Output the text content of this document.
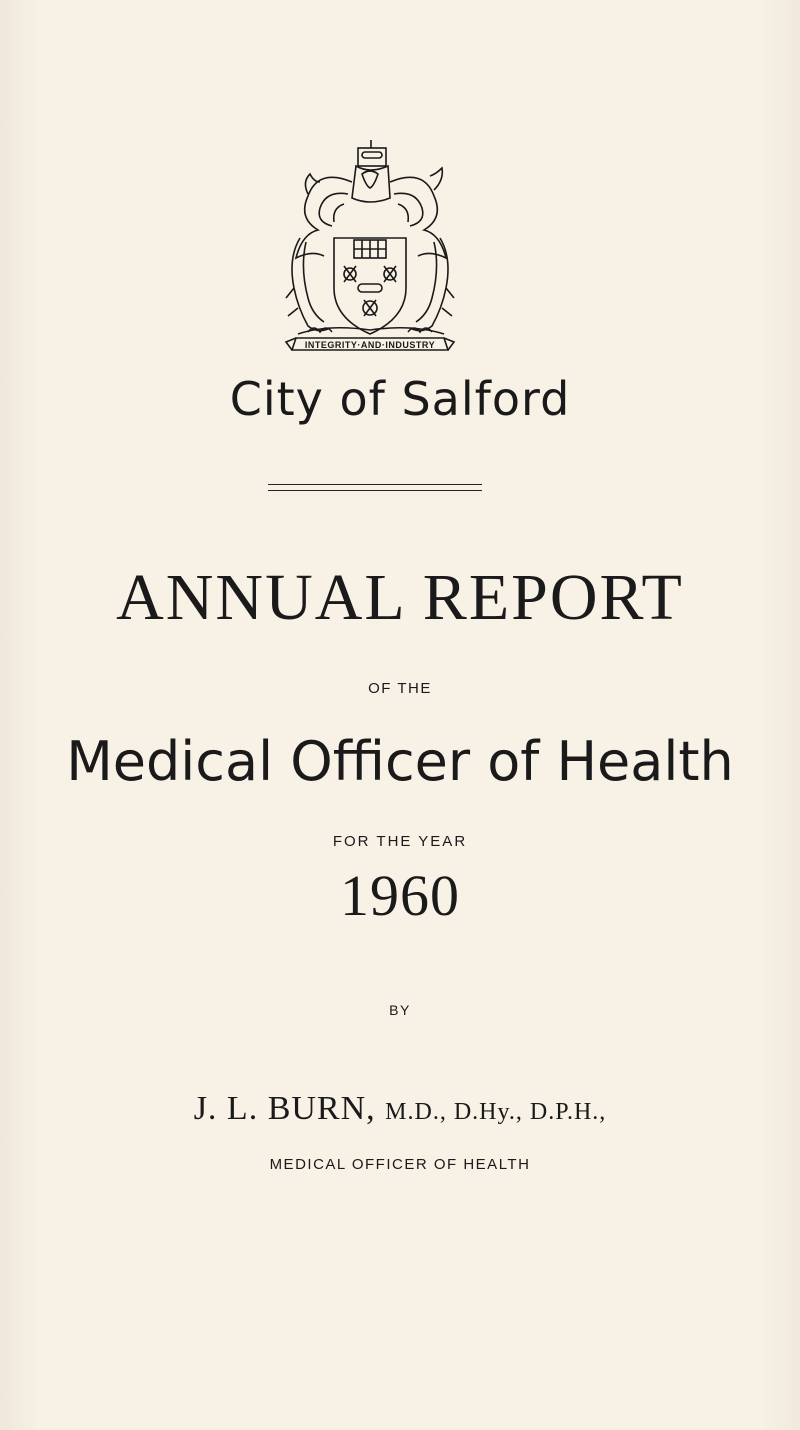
INTEGRITY·AND·INDUSTRY
City of Salford
ANNUAL REPORT
OF THE
Medical Officer of Health
FOR THE YEAR
1960
BY
J. L. BURN, M.D., D.Hy., D.P.H.,
MEDICAL OFFICER OF HEALTH
